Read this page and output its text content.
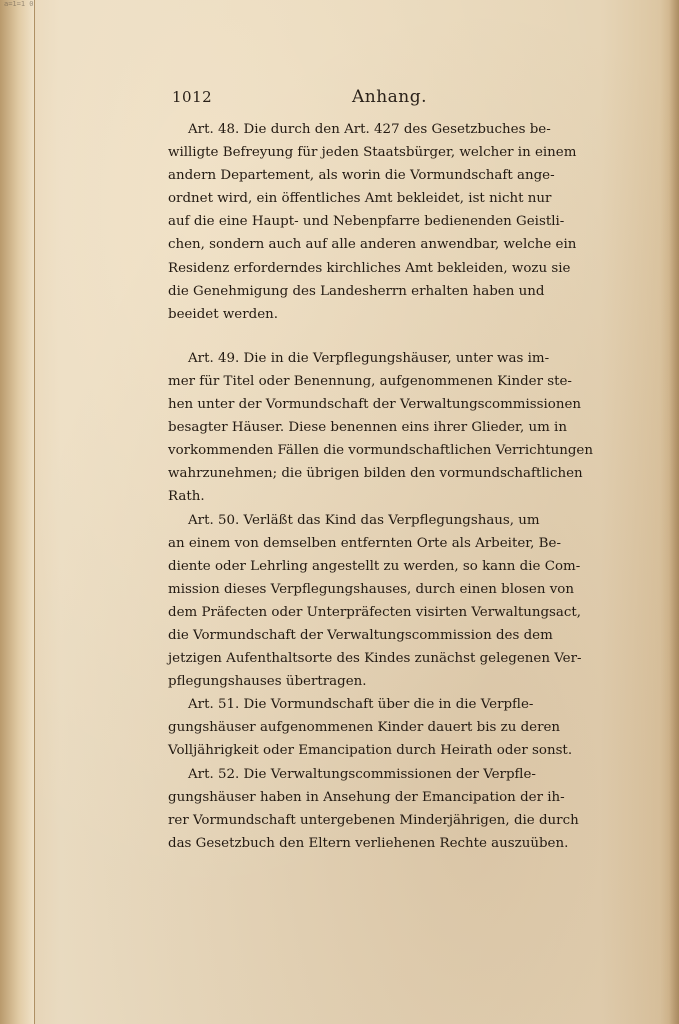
a=1=1 0
1012	Anhang.
Art. 48. Die durch den Art. 427 des Gesetzbuches be-
willigte Befreyung für jeden Staatsbürger, welcher in einem
andern Departement, als worin die Vormundschaft ange-
ordnet wird, ein öffentliches Amt bekleidet, ist nicht nur
auf die eine Haupt- und Nebenpfarre bedienenden Geistli-
chen, sondern auch auf alle anderen anwendbar, welche ein
Residenz erforderndes kirchliches Amt bekleiden, wozu sie
die Genehmigung des Landesherrn erhalten haben und
beeidet werden.
Art. 49. Die in die Verpflegungshäuser, unter was im-
mer für Titel oder Benennung, aufgenommenen Kinder ste-
hen unter der Vormundschaft der Verwaltungscommissionen
besagter Häuser. Diese benennen eins ihrer Glieder, um in
vorkommenden Fällen die vormundschaftlichen Verrichtungen
wahrzunehmen; die übrigen bilden den vormundschaftlichen
Rath.
Art. 50. Verläßt das Kind das Verpflegungshaus, um
an einem von demselben entfernten Orte als Arbeiter, Be-
diente oder Lehrling angestellt zu werden, so kann die Com-
mission dieses Verpflegungshauses, durch einen blosen von
dem Präfecten oder Unterpräfecten visirten Verwaltungsact,
die Vormundschaft der Verwaltungscommission des dem
jetzigen Aufenthaltsorte des Kindes zunächst gelegenen Ver-
pflegungshauses übertragen.
Art. 51. Die Vormundschaft über die in die Verpfle-
gungshäuser aufgenommenen Kinder dauert bis zu deren
Volljährigkeit oder Emancipation durch Heirath oder sonst.
Art. 52. Die Verwaltungscommissionen der Verpfle-
gungshäuser haben in Ansehung der Emancipation der ih-
rer Vormundschaft untergebenen Minderjährigen, die durch
das Gesetzbuch den Eltern verliehenen Rechte auszuüben.
